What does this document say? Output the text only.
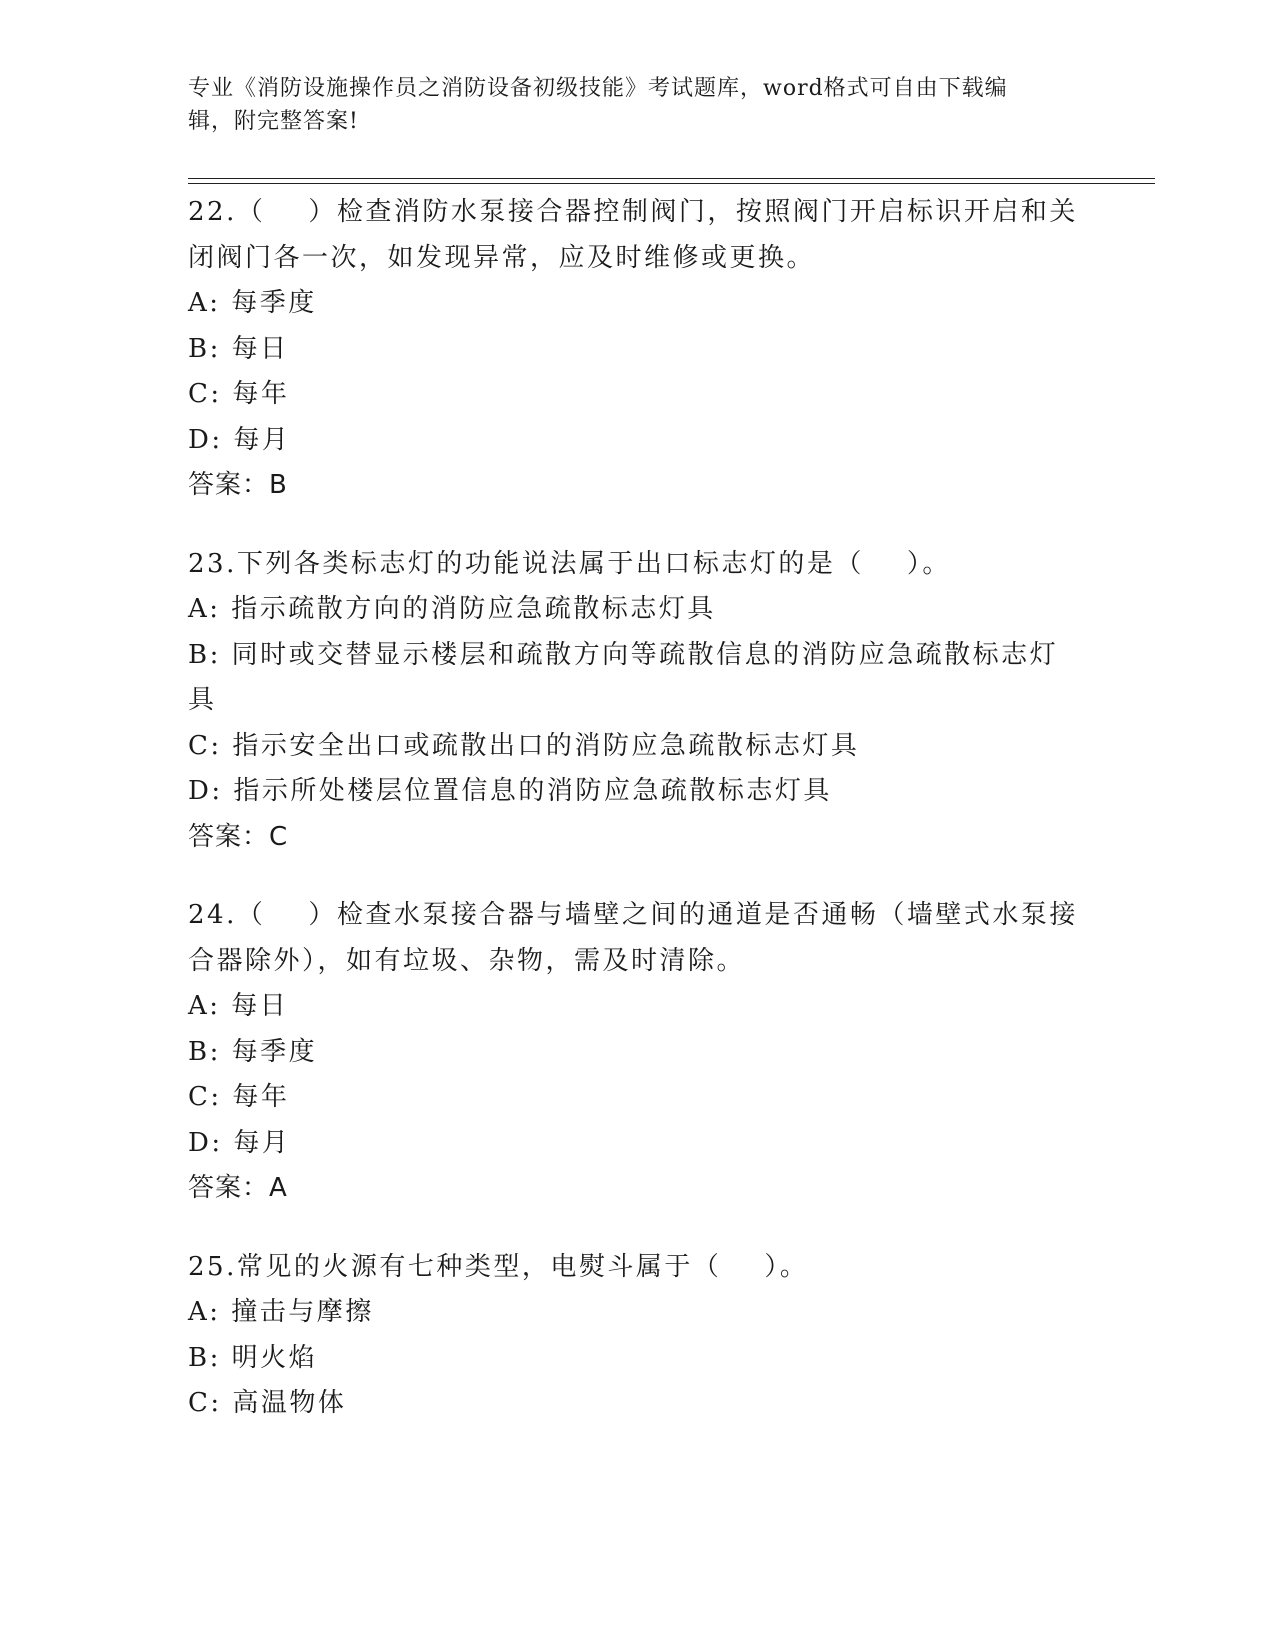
专业《消防设施操作员之消防设备初级技能》考试题库，word格式可自由下载编
辑，附完整答案!

22.（    ）检查消防水泵接合器控制阀门，按照阀门开启标识开启和关

闭阀门各一次，如发现异常，应及时维修或更换。

A: 每季度

B: 每日

C: 每年

D: 每月

答案：B

23.下列各类标志灯的功能说法属于出口标志灯的是（    ）。

A: 指示疏散方向的消防应急疏散标志灯具

B: 同时或交替显示楼层和疏散方向等疏散信息的消防应急疏散标志灯

具

C: 指示安全出口或疏散出口的消防应急疏散标志灯具

D: 指示所处楼层位置信息的消防应急疏散标志灯具

答案：C

24.（    ）检查水泵接合器与墙壁之间的通道是否通畅（墙壁式水泵接

合器除外），如有垃圾、杂物，需及时清除。

A: 每日

B: 每季度

C: 每年

D: 每月

答案：A

25.常见的火源有七种类型，电熨斗属于（    ）。

A: 撞击与摩擦

B: 明火焰

C: 高温物体
